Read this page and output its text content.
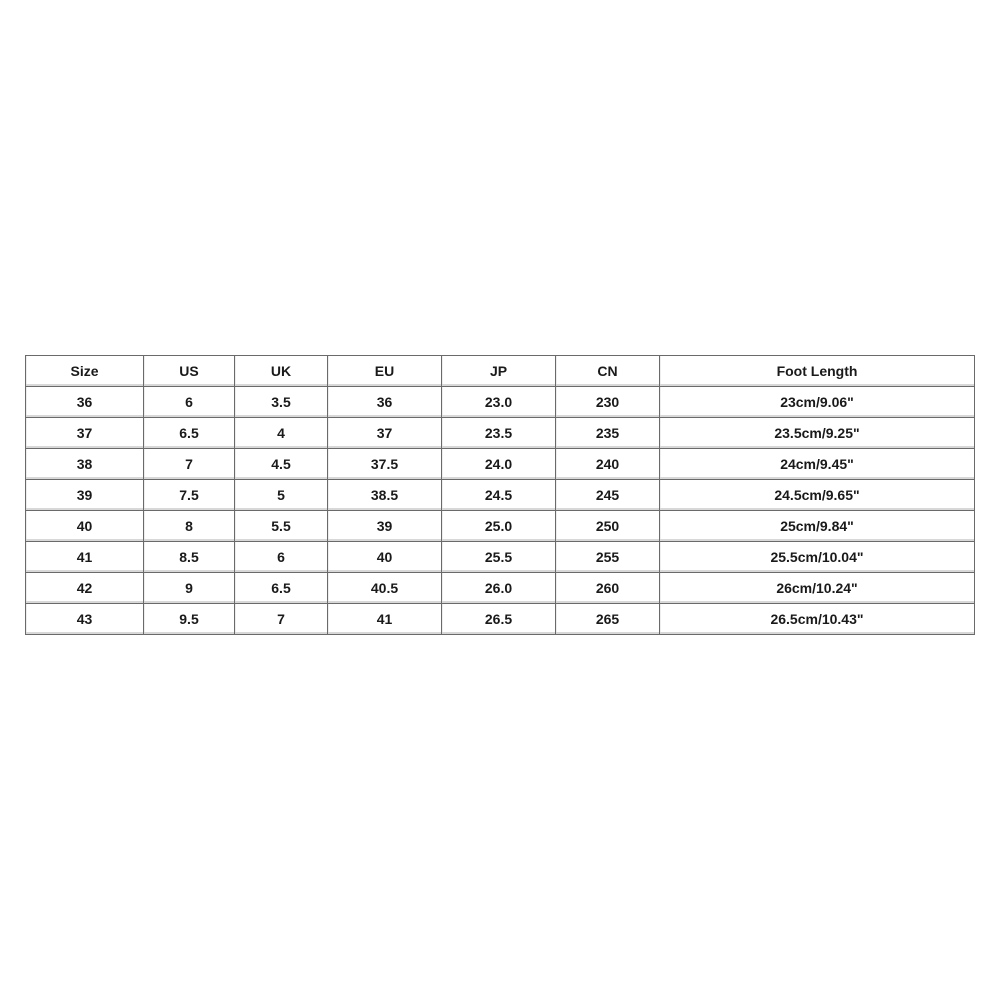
Size	US	UK	EU	JP	CN	Foot Length
36	6	3.5	36	23.0	230	23cm/9.06"
37	6.5	4	37	23.5	235	23.5cm/9.25"
38	7	4.5	37.5	24.0	240	24cm/9.45"
39	7.5	5	38.5	24.5	245	24.5cm/9.65"
40	8	5.5	39	25.0	250	25cm/9.84"
41	8.5	6	40	25.5	255	25.5cm/10.04"
42	9	6.5	40.5	26.0	260	26cm/10.24"
43	9.5	7	41	26.5	265	26.5cm/10.43"
